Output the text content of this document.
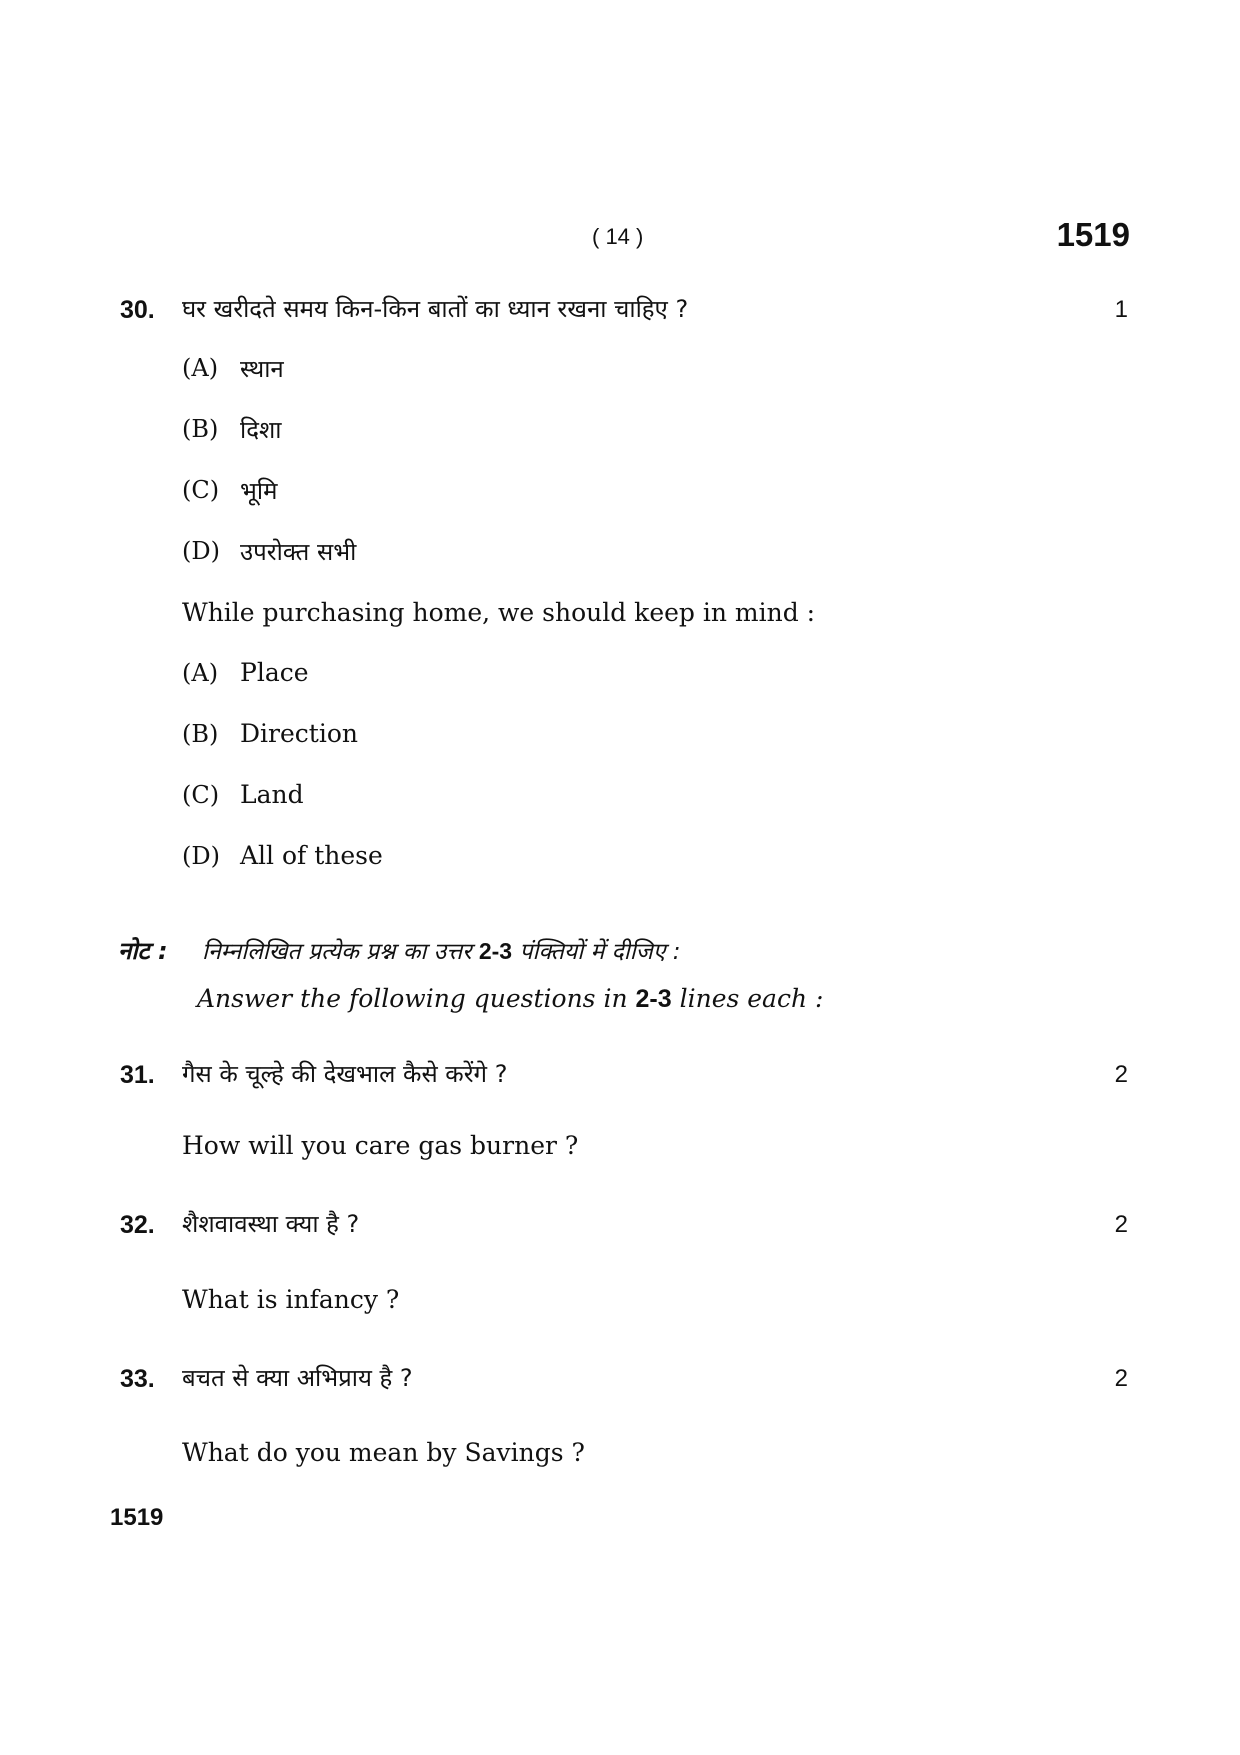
( 14 )	1519
30. घर खरीदते समय किन-किन बातों का ध्यान रखना चाहिए ?	1
(A) स्थान
(B) दिशा
(C) भूमि
(D) उपरोक्त सभी
While purchasing home, we should keep in mind :
(A) Place
(B) Direction
(C) Land
(D) All of these
नोट : निम्नलिखित प्रत्येक प्रश्न का उत्तर 2-3 पंक्तियों में दीजिए :
Answer the following questions in 2-3 lines each :
31. गैस के चूल्हे की देखभाल कैसे करेंगे ?	2
How will you care gas burner ?
32. शैशवावस्था क्या है ?	2
What is infancy ?
33. बचत से क्या अभिप्राय है ?	2
What do you mean by Savings ?
1519
